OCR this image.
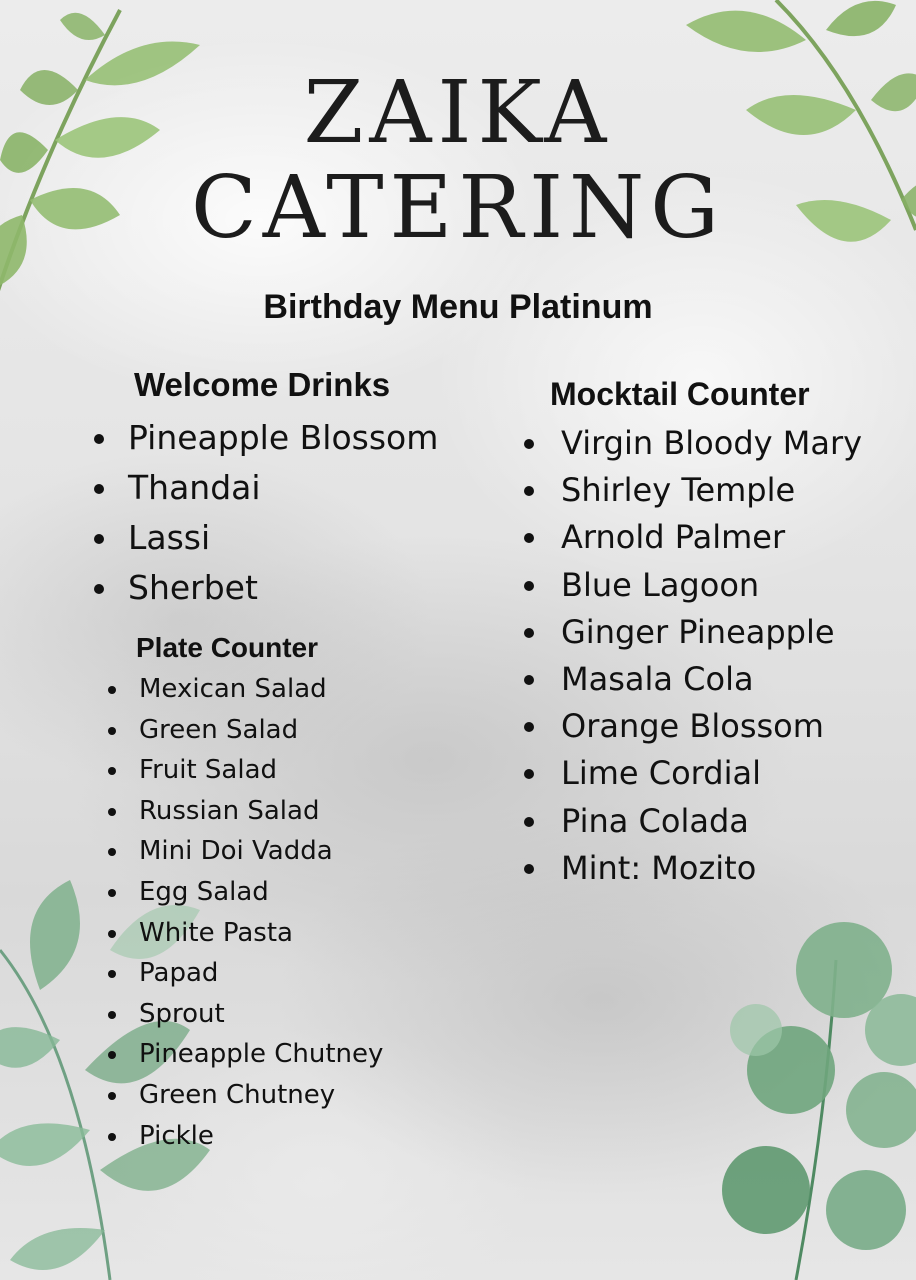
ZAIKA
CATERING
Birthday Menu Platinum
Welcome Drinks
Pineapple Blossom
Thandai
Lassi
Sherbet
Plate Counter
Mexican Salad
Green Salad
Fruit Salad
Russian Salad
Mini Doi Vadda
Egg Salad
White Pasta
Papad
Sprout
Pineapple Chutney
Green Chutney
Pickle
Mocktail Counter
Virgin Bloody Mary
Shirley Temple
Arnold Palmer
Blue Lagoon
Ginger Pineapple
Masala Cola
Orange Blossom
Lime Cordial
Pina Colada
Mint: Mozito
